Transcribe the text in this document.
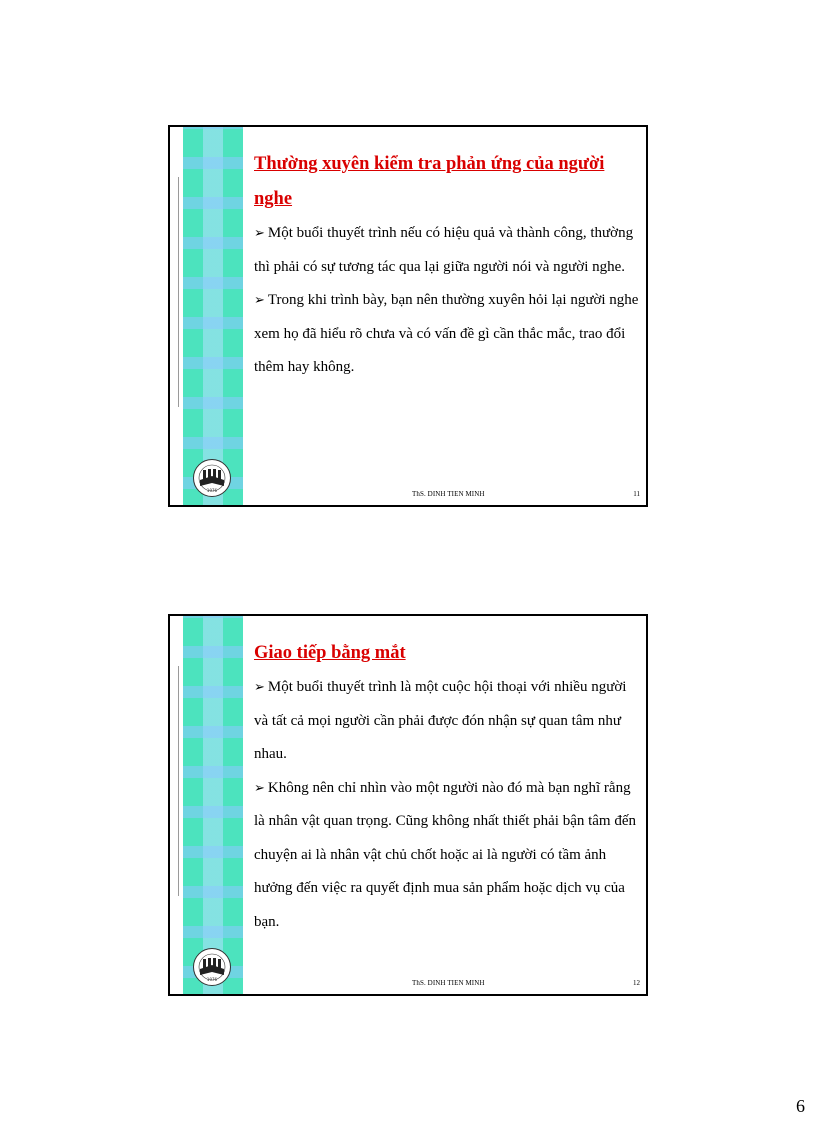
Thường xuyên kiểm tra phản ứng của người nghe

➢ Một buổi thuyết trình nếu có hiệu quả và thành công, thường thì phải có sự tương tác qua lại giữa người nói và người nghe.

➢ Trong khi trình bày, bạn nên thường xuyên hỏi lại người nghe xem họ đã hiểu rõ chưa và có vấn đề gì cần thắc mắc, trao đổi thêm hay không.

1976	ThS. DINH TIEN MINH	11

Giao tiếp bằng mắt

➢ Một buổi thuyết trình là một cuộc hội thoại với nhiều người và tất cả mọi người cần phải được đón nhận sự quan tâm như nhau.

➢ Không nên chỉ nhìn vào một người nào đó mà bạn nghĩ rằng là nhân vật quan trọng. Cũng không nhất thiết phải bận tâm đến chuyện ai là nhân vật chủ chốt hoặc ai là người có tầm ảnh hưởng đến việc ra quyết định mua sản phẩm hoặc dịch vụ của bạn.

1976	ThS. DINH TIEN MINH	12
6
